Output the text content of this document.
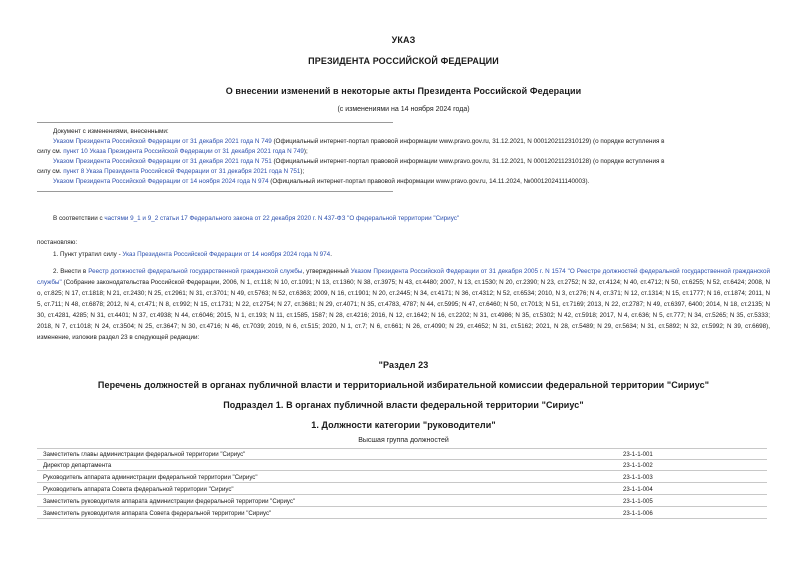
УКАЗ
ПРЕЗИДЕНТА РОССИЙСКОЙ ФЕДЕРАЦИИ
О внесении изменений в некоторые акты Президента Российской Федерации
(с изменениями на 14 ноября 2024 года)
Документ с изменениями, внесенными:
Указом Президента Российской Федерации от 31 декабря 2021 года N 749 (Официальный интернет-портал правовой информации www.pravo.gov.ru, 31.12.2021, N 0001202112310129) (о порядке вступления в
силу см. пункт 10 Указа Президента Российской Федерации от 31 декабря 2021 года N 749);
Указом Президента Российской Федерации от 31 декабря 2021 года N 751 (Официальный интернет-портал правовой информации www.pravo.gov.ru, 31.12.2021, N 0001202112310128) (о порядке вступления в
силу см. пункт 8 Указа Президента Российской Федерации от 31 декабря 2021 года N 751);
Указом Президента Российской Федерации от 14 ноября 2024 года N 974 (Официальный интернет-портал правовой информации www.pravo.gov.ru, 14.11.2024, №0001202411140003).
В соответствии с частями 9_1 и 9_2 статьи 17 Федерального закона от 22 декабря 2020 г. N 437-ФЗ "О федеральной территории "Сириус"
постановляю:
1. Пункт утратил силу - Указ Президента Российской Федерации от 14 ноября 2024 года N 974.
2. Внести в Реестр должностей федеральной государственной гражданской службы, утвержденный Указом Президента Российской Федерации от 31 декабря 2005 г. N 1574 "О Реестре должностей федеральной государственной гражданской службы" (Собрание законодательства Российской Федерации, 2006, N 1, ст.118; N 10, ст.1091; N 13, ст.1360; N 38, ст.3975; N 43, ст.4480; 2007, N 13, ст.1530; N 20, ст.2390; N 23, ст.2752; N 32, ст.4124; N 40, ст.4712; N 50, ст.6255; N 52, ст.6424; 2008, N о, ст.825; N 17, ст.1818; N 21, ст.2430; N 25, ст.2961; N 31, ст.3701; N 49, ст.5763; N 52, ст.6363; 2009, N 16, ст.1901; N 20, ст.2445; N 34, ст.4171; N 36, ст.4312; N 52, ст.6534; 2010, N 3, ст.276; N 4, ст.371; N 12, ст.1314; N 15, ст.1777; N 16, ст.1874; 2011, N 5, ст.711; N 48, ст.6878; 2012, N 4, ст.471; N 8, ст.992; N 15, ст.1731; N 22, ст.2754; N 27, ст.3681; N 29, ст.4071; N 35, ст.4783, 4787; N 44, ст.5995; N 47, ст.6460; N 50, ст.7013; N 51, ст.7169; 2013, N 22, ст.2787; N 49, ст.6397, 6400; 2014, N 18, ст.2135; N 30, ст.4281, 4285; N 31, ст.4401; N 37, ст.4938; N 44, ст.6046; 2015, N 1, ст.193; N 11, ст.1585, 1587; N 28, ст.4216; 2016, N 12, ст.1642; N 16, ст.2202; N 31, ст.4986; N 35, ст.5302; N 42, ст.5918; 2017, N 4, ст.636; N 5, ст.777; N 34, ст.5265; N 35, ст.5333; 2018, N 7, ст.1018; N 24, ст.3504; N 25, ст.3647; N 30, ст.4716; N 46, ст.7039; 2019, N 6, ст.515; 2020, N 1, ст.7; N 6, ст.661; N 26, ст.4090; N 29, ст.4652; N 31, ст.5162; 2021, N 28, ст.5489; N 29, ст.5634; N 31, ст.5892; N 32, ст.5992; N 39, ст.6698), изменение, изложив раздел 23 в следующей редакции:
"Раздел 23
Перечень должностей в органах публичной власти и территориальной избирательной комиссии федеральной территории "Сириус"
Подраздел 1. В органах публичной власти федеральной территории "Сириус"
1. Должности категории "руководители"
Высшая группа должностей
Заместитель главы администрации федеральной территории "Сириус"	23-1-1-001
Директор департамента	23-1-1-002
Руководитель аппарата администрации федеральной территории "Сириус"	23-1-1-003
Руководитель аппарата Совета федеральной территории "Сириус"	23-1-1-004
Заместитель руководителя аппарата администрации федеральной территории "Сириус"	23-1-1-005
Заместитель руководителя аппарата Совета федеральной территории "Сириус"	23-1-1-006
